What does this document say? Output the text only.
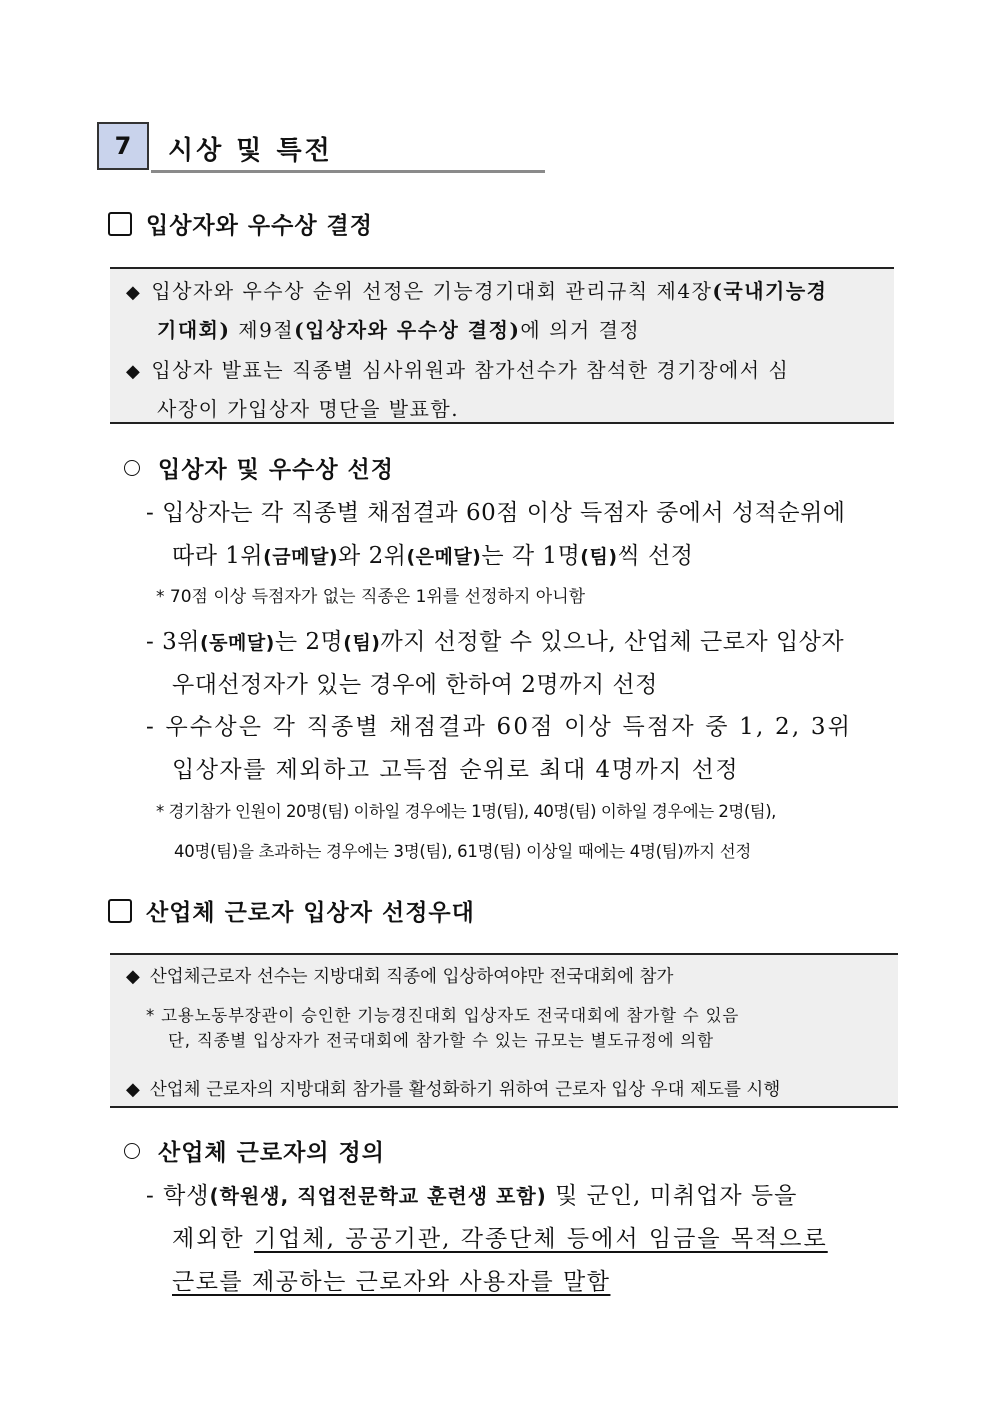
7	시상 및 특전
입상자와 우수상 결정
◆ 입상자와 우수상 순위 선정은 기능경기대회 관리규칙 제4장(국내기능경
기대회) 제9절(입상자와 우수상 결정)에 의거 결정
◆ 입상자 발표는 직종별 심사위원과 참가선수가 참석한 경기장에서 심
사장이 가입상자 명단을 발표함.
입상자 및 우수상 선정
- 입상자는 각 직종별 채점결과 60점 이상 득점자 중에서 성적순위에
따라 1위(금메달)와 2위(은메달)는 각 1명(팀)씩 선정
* 70점 이상 득점자가 없는 직종은 1위를 선정하지 아니함
- 3위(동메달)는 2명(팀)까지 선정할 수 있으나, 산업체 근로자 입상자
우대선정자가 있는 경우에 한하여 2명까지 선정
- 우수상은 각 직종별 채점결과 60점 이상 득점자 중 1, 2, 3위
입상자를 제외하고 고득점 순위로 최대 4명까지 선정
* 경기참가 인원이 20명(팀) 이하일 경우에는 1명(팀), 40명(팀) 이하일 경우에는 2명(팀),
40명(팀)을 초과하는 경우에는 3명(팀), 61명(팀) 이상일 때에는 4명(팀)까지 선정
산업체 근로자 입상자 선정우대
◆ 산업체근로자 선수는 지방대회 직종에 입상하여야만 전국대회에 참가
* 고용노동부장관이 승인한 기능경진대회 입상자도 전국대회에 참가할 수 있음
단, 직종별 입상자가 전국대회에 참가할 수 있는 규모는 별도규정에 의함
◆ 산업체 근로자의 지방대회 참가를 활성화하기 위하여 근로자 입상 우대 제도를 시행
산업체 근로자의 정의
- 학생(학원생, 직업전문학교 훈련생 포함) 및 군인, 미취업자 등을
제외한 기업체, 공공기관, 각종단체 등에서 임금을 목적으로
근로를 제공하는 근로자와 사용자를 말함
